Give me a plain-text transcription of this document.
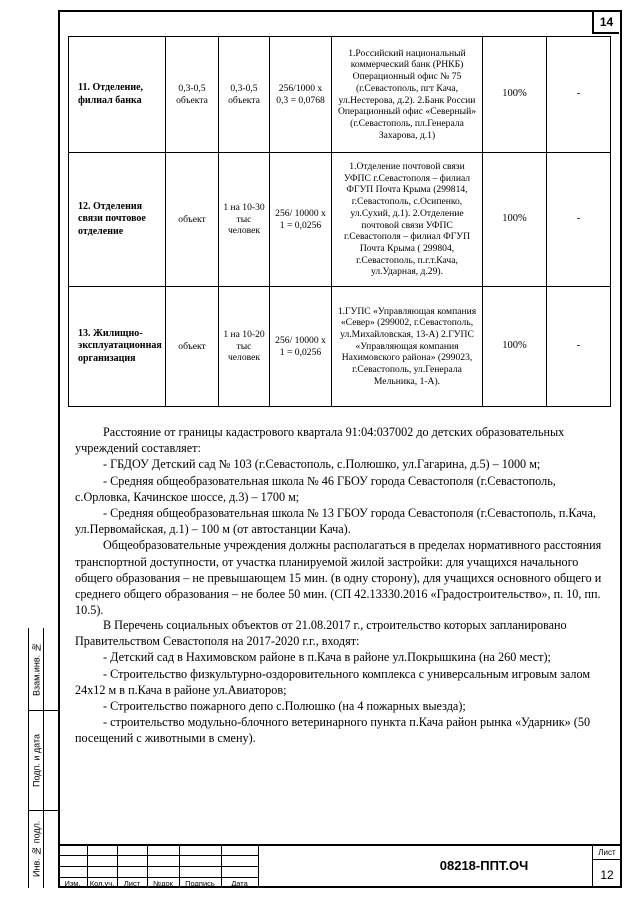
14
Взам.инв. №
Подп. и дата
Инв. № подл.
11. Отделение, филиал банка	0,3-0,5 объекта	0,3-0,5 объекта	256/1000 х 0,3 = 0,0768	1.Российский национальный коммерческий банк (РНКБ) Операционный офис № 75 (г.Севастополь, пгт Кача, ул.Нестерова, д.2). 2.Банк России Операционный офис «Северный» (г.Севастополь, пл.Генерала Захарова, д.1)	100%	-
12. Отделения связи почтовое отделение	объект	1 на 10-30 тыс человек	256/ 10000 х 1 = 0,0256	1.Отделение почтовой связи УФПС г.Севастополя – филиал ФГУП Почта Крыма (299814, г.Севастополь, с.Осипенко, ул.Сухий, д.1). 2.Отделение почтовой связи УФПС г.Севастополя – филиал ФГУП Почта Крыма ( 299804, г.Севастополь, п.г.т.Кача, ул.Ударная, д.29).	100%	-
13. Жилищно-эксплуатационная организация	объект	1 на 10-20 тыс человек	256/ 10000 х 1 = 0,0256	1.ГУПС «Управляющая компания «Север» (299002, г.Севастополь, ул.Михайловская, 13-А) 2.ГУПС «Управляющая компания Нахимовского района» (299023, г.Севастополь, ул.Генерала Мельника, 1-А).	100%	-

Расстояние от границы кадастрового квартала 91:04:037002 до детских образовательных учреждений составляет:

- ГБДОУ Детский сад № 103 (г.Севастополь, с.Полюшко, ул.Гагарина, д.5) – 1000 м;

- Средняя общеобразовательная школа № 46 ГБОУ города Севастополя (г.Севастополь, с.Орловка, Качинское шоссе, д.3) – 1700 м;

- Средняя общеобразовательная школа № 13 ГБОУ города Севастополя (г.Севастополь, п.Кача, ул.Первомайская, д.1) – 100 м (от автостанции Кача).

Общеобразовательные учреждения должны располагаться в пределах нормативного расстояния транспортной доступности, от участка планируемой жилой застройки: для учащихся начального общего образования – не превышающем 15 мин. (в одну сторону), для учащихся основного общего и среднего общего образования – не более 50 мин. (СП 42.13330.2016 «Градостроительство», п. 10, пп. 10.5).

В Перечень социальных объектов от 21.08.2017 г., строительство которых запланировано Правительством Севастополя на 2017-2020 г.г., входят:

- Детский сад в Нахимовском районе в п.Кача в районе ул.Покрышкина (на 260 мест);

- Строительство физкультурно-оздоровительного комплекса с универсальным игровым залом 24х12 м в п.Кача в районе ул.Авиаторов;

- Строительство пожарного депо с.Полюшко (на 4 пожарных выезда);

- строительство модульно-блочного ветеринарного пункта п.Кача район рынка «Ударник» (50 посещений с животными в смену).

Изм.	Кол.уч.	Лист	№док	Подпись	Дата
08218-ППТ.ОЧ
Лист
12
